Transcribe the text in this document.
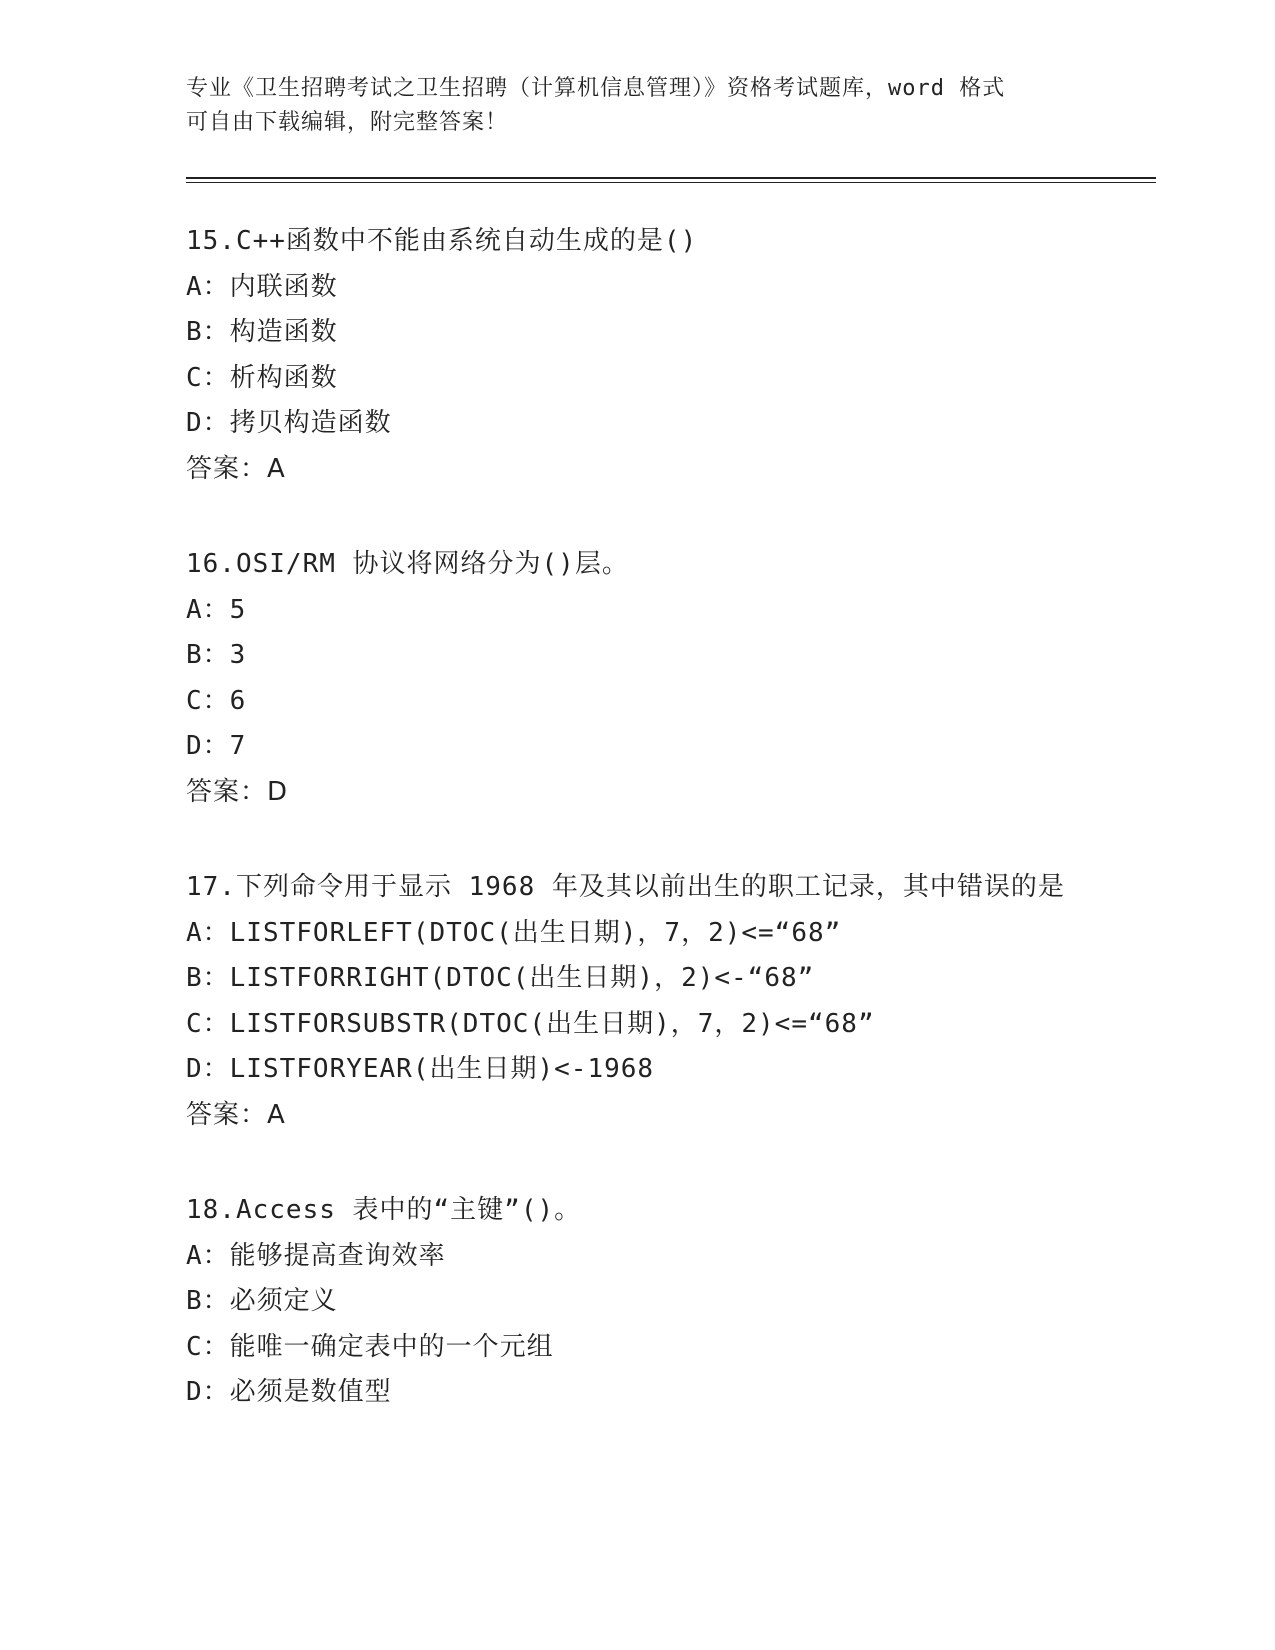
专业《卫生招聘考试之卫生招聘（计算机信息管理）》资格考试题库，word 格式
可自由下载编辑，附完整答案！
15.C++函数中不能由系统自动生成的是()
A：内联函数
B：构造函数
C：析构函数
D：拷贝构造函数
答案：A
16.OSI/RM 协议将网络分为()层。
A：5
B：3
C：6
D：7
答案：D
17.下列命令用于显示 1968 年及其以前出生的职工记录，其中错误的是
A：LISTFORLEFT(DTOC(出生日期)，7，2)<=“68”
B：LISTFORRIGHT(DTOC(出生日期)，2)<-“68”
C：LISTFORSUBSTR(DTOC(出生日期)，7，2)<=“68”
D：LISTFORYEAR(出生日期)<-1968
答案：A
18.Access 表中的“主键”()。
A：能够提高查询效率
B：必须定义
C：能唯一确定表中的一个元组
D：必须是数值型
